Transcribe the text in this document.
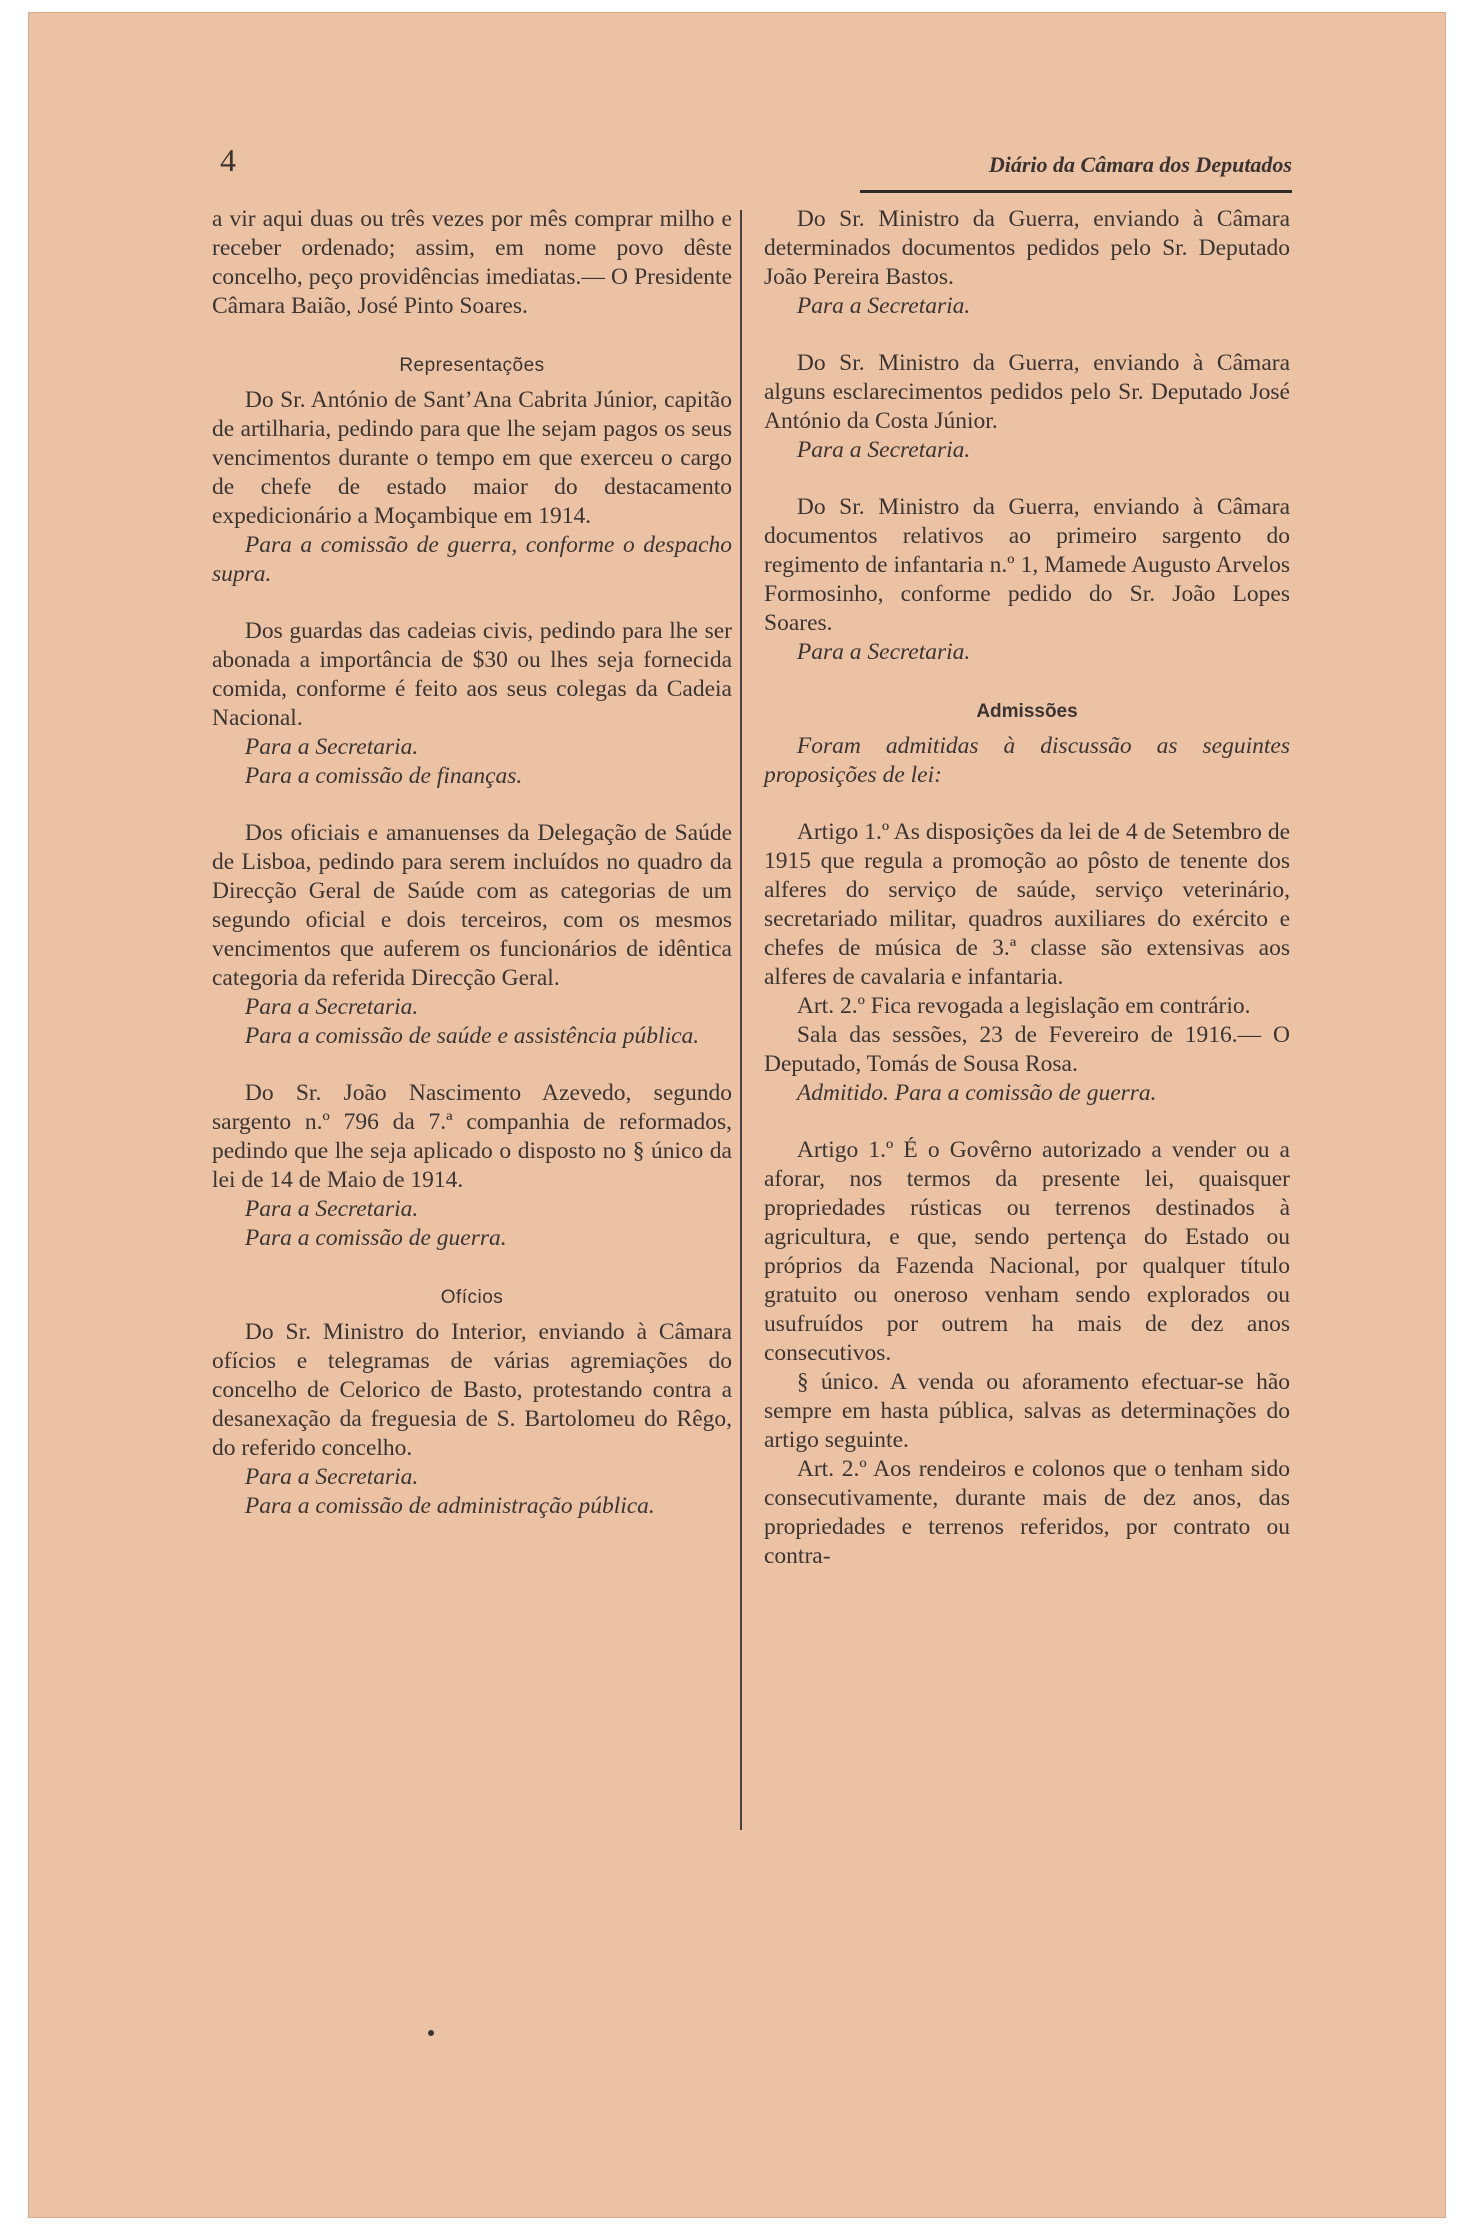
4	Diário da Câmara dos Deputados

a vir aqui duas ou três vezes por mês comprar milho e receber ordenado; assim, em nome povo dêste concelho, peço providências imediatas.— O Presidente Câmara Baião, José Pinto Soares.

Representações

Do Sr. António de Sant’Ana Cabrita Júnior, capitão de artilharia, pedindo para que lhe sejam pagos os seus vencimentos durante o tempo em que exerceu o cargo de chefe de estado maior do destacamento expedicionário a Moçambique em 1914.

Para a comissão de guerra, conforme o despacho supra.

Dos guardas das cadeias civis, pedindo para lhe ser abonada a importância de $30 ou lhes seja fornecida comida, conforme é feito aos seus colegas da Cadeia Nacional.

Para a Secretaria.

Para a comissão de finanças.

Dos oficiais e amanuenses da Delegação de Saúde de Lisboa, pedindo para serem incluídos no quadro da Direcção Geral de Saúde com as categorias de um segundo oficial e dois terceiros, com os mesmos vencimentos que auferem os funcionários de idêntica categoria da referida Direcção Geral.

Para a Secretaria.

Para a comissão de saúde e assistência pública.

Do Sr. João Nascimento Azevedo, segundo sargento n.º 796 da 7.ª companhia de reformados, pedindo que lhe seja aplicado o disposto no § único da lei de 14 de Maio de 1914.

Para a Secretaria.

Para a comissão de guerra.

Ofícios

Do Sr. Ministro do Interior, enviando à Câmara ofícios e telegramas de várias agremiações do concelho de Celorico de Basto, protestando contra a desanexação da freguesia de S. Bartolomeu do Rêgo, do referido concelho.

Para a Secretaria.

Para a comissão de administração pública.

Do Sr. Ministro da Guerra, enviando à Câmara determinados documentos pedidos pelo Sr. Deputado João Pereira Bastos.

Para a Secretaria.

Do Sr. Ministro da Guerra, enviando à Câmara alguns esclarecimentos pedidos pelo Sr. Deputado José António da Costa Júnior.

Para a Secretaria.

Do Sr. Ministro da Guerra, enviando à Câmara documentos relativos ao primeiro sargento do regimento de infantaria n.º 1, Mamede Augusto Arvelos Formosinho, conforme pedido do Sr. João Lopes Soares.

Para a Secretaria.

Admissões

Foram admitidas à discussão as seguintes proposições de lei:

Artigo 1.º As disposições da lei de 4 de Setembro de 1915 que regula a promoção ao pôsto de tenente dos alferes do serviço de saúde, serviço veterinário, secretariado militar, quadros auxiliares do exército e chefes de música de 3.ª classe são extensivas aos alferes de cavalaria e infantaria.

Art. 2.º Fica revogada a legislação em contrário.

Sala das sessões, 23 de Fevereiro de 1916.— O Deputado, Tomás de Sousa Rosa.

Admitido. Para a comissão de guerra.

Artigo 1.º É o Govêrno autorizado a vender ou a aforar, nos termos da presente lei, quaisquer propriedades rústicas ou terrenos destinados à agricultura, e que, sendo pertença do Estado ou próprios da Fazenda Nacional, por qualquer título gratuito ou oneroso venham sendo explorados ou usufruídos por outrem ha mais de dez anos consecutivos.

§ único. A venda ou aforamento efectuar-se hão sempre em hasta pública, salvas as determinações do artigo seguinte.

Art. 2.º Aos rendeiros e colonos que o tenham sido consecutivamente, durante mais de dez anos, das propriedades e terrenos referidos, por contrato ou contra-
